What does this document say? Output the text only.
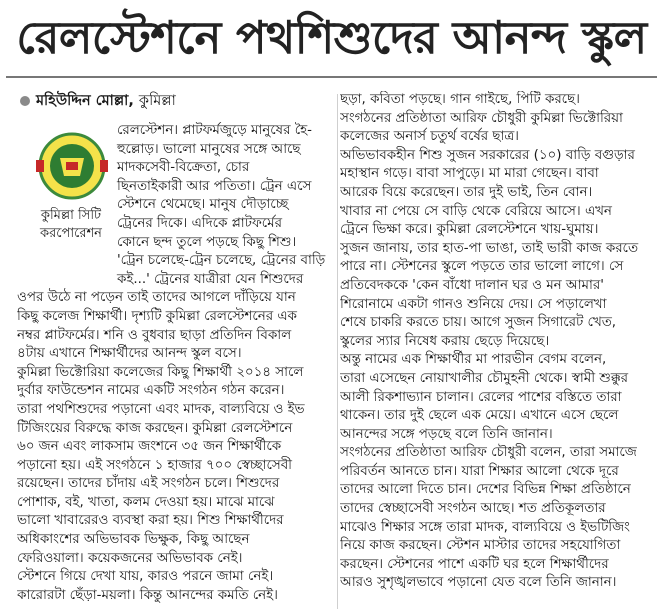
রেলস্টেশনে পথশিশুদের আনন্দ স্কুল
মহিউদ্দিন মোল্লা, কুমিল্লা
রেলস্টেশন। প্লাটফর্মজুড়ে মানুষের হৈ-
হুল্লোড়। ভালো মানুষের সঙ্গে আছে
মাদকসেবী-বিক্রেতা, চোর
ছিনতাইকারী আর পতিতা। ট্রেন এসে
স্টেশনে থেমেছে। মানুষ দৌড়াচ্ছে
ট্রেনের দিকে। এদিকে প্লাটফর্মের
কোনে ছন্দ তুলে পড়ছে কিছু শিশু।
'ট্রেন চলেছে-ট্রেন চলেছে, ট্রেনের বাড়ি
কই...' ট্রেনের যাত্রীরা যেন শিশুদের
ওপর উঠে না পড়েন তাই তাদের আগলে দাঁড়িয়ে যান
কিছু কলেজ শিক্ষার্থী। দৃশ্যটি কুমিল্লা রেলস্টেশনের এক
নম্বর প্লাটফর্মের। শনি ও বুধবার ছাড়া প্রতিদিন বিকাল
৪টায় এখানে শিক্ষার্থীদের আনন্দ স্কুল বসে।
কুমিল্লা ভিক্টোরিয়া কলেজের কিছু শিক্ষার্থী ২০১৪ সালে
দুর্বার ফাউন্ডেশন নামের একটি সংগঠন গঠন করেন।
তারা পথশিশুদের পড়ানো এবং মাদক, বাল্যবিয়ে ও ইভ
টিজিংয়ের বিরুদ্ধে কাজ করছেন। কুমিল্লা রেলস্টেশনে
৬০ জন এবং লাকসাম জংশনে ৩৫ জন শিক্ষার্থীকে
পড়ানো হয়। এই সংগঠনে ১ হাজার ৭০০ স্বেচ্ছাসেবী
রয়েছেন। তাদের চাঁদায় এই সংগঠন চলে। শিশুদের
পোশাক, বই, খাতা, কলম দেওয়া হয়। মাঝে মাঝে
ভালো খাবারেরও ব্যবস্থা করা হয়। শিশু শিক্ষার্থীদের
অধিকাংশের অভিভাবক ভিক্ষুক, কিছু আছেন
ফেরিওয়ালা। কয়েকজনের অভিভাবক নেই।
স্টেশনে গিয়ে দেখা যায়, কারও পরনে জামা নেই।
কারোরটা ছেঁড়া-ময়লা। কিন্তু আনন্দের কমতি নেই।
ছড়া, কবিতা পড়ছে। গান গাইছে, পিটি করছে।
সংগঠনের প্রতিষ্ঠাতা আরিফ চৌধুরী কুমিল্লা ভিক্টোরিয়া
কলেজের অনার্স চতুর্থ বর্ষের ছাত্র।
অভিভাবকহীন শিশু সুজন সরকারের (১০) বাড়ি বগুড়ার
মহাস্থান গড়ে। বাবা সাপুড়ে। মা মারা গেছেন। বাবা
আরেক বিয়ে করেছেন। তার দুই ভাই, তিন বোন।
খাবার না পেয়ে সে বাড়ি থেকে বেরিয়ে আসে। এখন
ট্রেনে ভিক্ষা করে। কুমিল্লা রেলস্টেশনে খায়-ঘুমায়।
সুজন জানায়, তার হাত-পা ভাঙা, তাই ভারী কাজ করতে
পারে না। স্টেশনের স্কুলে পড়তে তার ভালো লাগে। সে
প্রতিবেদককে 'কেন বাঁধো দালান ঘর ও মন আমার'
শিরোনামে একটা গানও শুনিয়ে দেয়। সে পড়ালেখা
শেষে চাকরি করতে চায়। আগে সুজন সিগারেট খেত,
স্কুলের স্যার নিষেধ করায় ছেড়ে দিয়েছে।
অন্তু নামের এক শিক্ষার্থীর মা পারভীন বেগম বলেন,
তারা এসেছেন নোয়াখালীর চৌমুহনী থেকে। স্বামী শুক্কুর
আলী রিকশাভ্যান চালান। রেলের পাশের বস্তিতে তারা
থাকেন। তার দুই ছেলে এক মেয়ে। এখানে এসে ছেলে
আনন্দের সঙ্গে পড়ছে বলে তিনি জানান।
সংগঠনের প্রতিষ্ঠাতা আরিফ চৌধুরী বলেন, তারা সমাজে
পরিবর্তন আনতে চান। যারা শিক্ষার আলো থেকে দূরে
তাদের আলো দিতে চান। দেশের বিভিন্ন শিক্ষা প্রতিষ্ঠানে
তাদের স্বেচ্ছাসেবী সংগঠন আছে। শত প্রতিকূলতার
মাঝেও শিক্ষার সঙ্গে তারা মাদক, বাল্যবিয়ে ও ইভটিজিং
নিয়ে কাজ করছেন। স্টেশন মাস্টার তাদের সহযোগিতা
করছেন। স্টেশনের পাশে একটি ঘর হলে শিক্ষার্থীদের
আরও সুশৃঙ্খলভাবে পড়ানো যেত বলে তিনি জানান।
কুমিল্লা সিটি
করপোরেশন
